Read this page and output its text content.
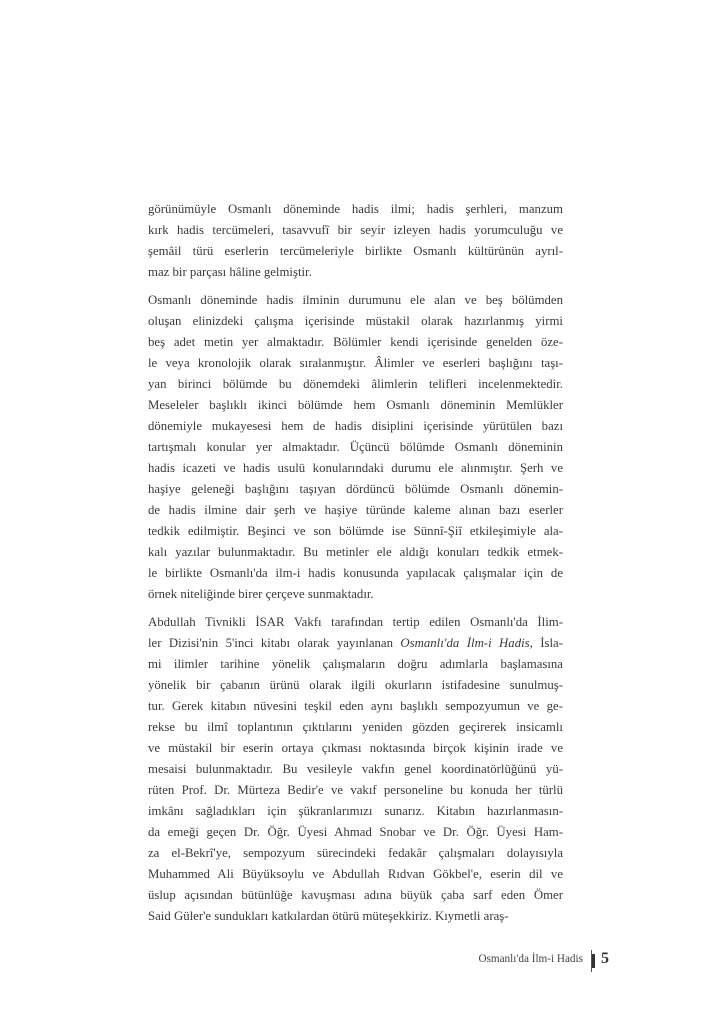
görünümüyle Osmanlı döneminde hadis ilmi; hadis şerhleri, manzum
kırk hadis tercümeleri, tasavvufî bir seyir izleyen hadis yorumculuğu ve
şemâil türü eserlerin tercümeleriyle birlikte Osmanlı kültürünün ayrıl-
maz bir parçası hâline gelmiştir.
Osmanlı döneminde hadis ilminin durumunu ele alan ve beş bölümden
oluşan elinizdeki çalışma içerisinde müstakil olarak hazırlanmış yirmi
beş adet metin yer almaktadır. Bölümler kendi içerisinde genelden öze-
le veya kronolojik olarak sıralanmıştır. Âlimler ve eserleri başlığını taşı-
yan birinci bölümde bu dönemdeki âlimlerin telifleri incelenmektedir.
Meseleler başlıklı ikinci bölümde hem Osmanlı döneminin Memlükler
dönemiyle mukayesesi hem de hadis disiplini içerisinde yürütülen bazı
tartışmalı konular yer almaktadır. Üçüncü bölümde Osmanlı döneminin
hadis icazeti ve hadis usulü konularındaki durumu ele alınmıştır. Şerh ve
haşiye geleneği başlığını taşıyan dördüncü bölümde Osmanlı dönemin-
de hadis ilmine dair şerh ve haşiye türünde kaleme alınan bazı eserler
tedkik edilmiştir. Beşinci ve son bölümde ise Sünnî-Şiî etkileşimiyle ala-
kalı yazılar bulunmaktadır. Bu metinler ele aldığı konuları tedkik etmek-
le birlikte Osmanlı'da ilm-i hadis konusunda yapılacak çalışmalar için de
örnek niteliğinde birer çerçeve sunmaktadır.
Abdullah Tivnikli İSAR Vakfı tarafından tertip edilen Osmanlı'da İlim-
ler Dizisi'nin 5'inci kitabı olarak yayınlanan Osmanlı'da İlm-i Hadis, İsla-
mi ilimler tarihine yönelik çalışmaların doğru adımlarla başlamasına
yönelik bir çabanın ürünü olarak ilgili okurların istifadesine sunulmuş-
tur. Gerek kitabın nüvesini teşkil eden aynı başlıklı sempozyumun ve ge-
rekse bu ilmî toplantının çıktılarını yeniden gözden geçirerek insicamlı
ve müstakil bir eserin ortaya çıkması noktasında birçok kişinin irade ve
mesaisi bulunmaktadır. Bu vesileyle vakfın genel koordinatörlüğünü yü-
rüten Prof. Dr. Mürteza Bedir'e ve vakıf personeline bu konuda her türlü
imkânı sağladıkları için şükranlarımızı sunarız. Kitabın hazırlanmasın-
da emeği geçen Dr. Öğr. Üyesi Ahmad Snobar ve Dr. Öğr. Üyesi Ham-
za el-Bekrî'ye, sempozyum sürecindeki fedakâr çalışmaları dolayısıyla
Muhammed Ali Büyüksoylu ve Abdullah Rıdvan Gökbel'e, eserin dil ve
üslup açısından bütünlüğe kavuşması adına büyük çaba sarf eden Ömer
Said Güler'e sundukları katkılardan ötürü müteşekkiriz. Kıymetli araş-
Osmanlı'da İlm-i Hadis 5
